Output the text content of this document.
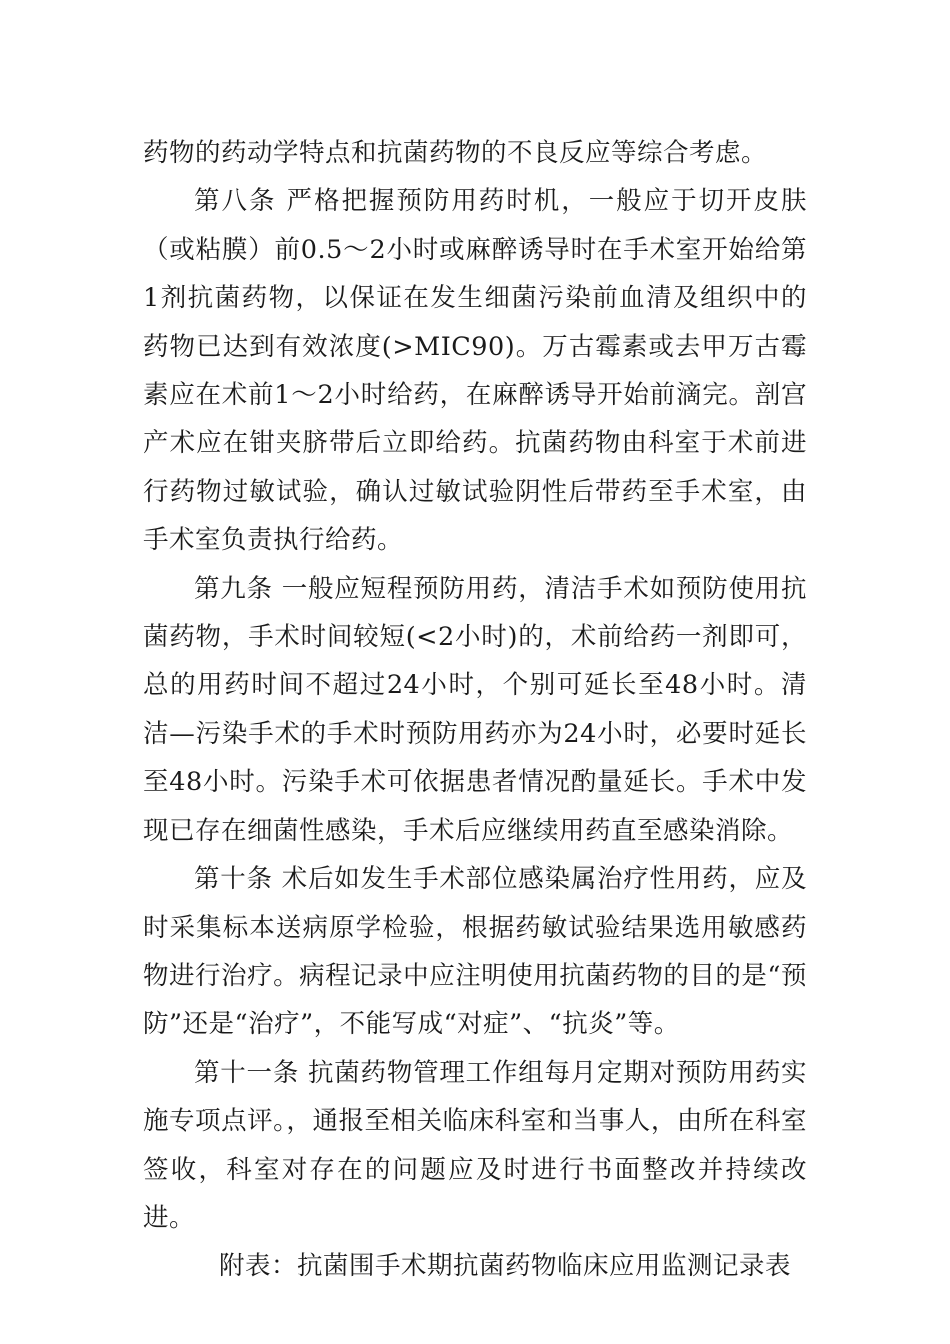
药物的药动学特点和抗菌药物的不良反应等综合考虑。

第八条 严格把握预防用药时机，一般应于切开皮肤（或粘膜）前0.5～2小时或麻醉诱导时在手术室开始给第1剂抗菌药物，以保证在发生细菌污染前血清及组织中的药物已达到有效浓度(>MIC90)。万古霉素或去甲万古霉素应在术前1～2小时给药，在麻醉诱导开始前滴完。剖宫产术应在钳夹脐带后立即给药。抗菌药物由科室于术前进行药物过敏试验，确认过敏试验阴性后带药至手术室，由手术室负责执行给药。

第九条 一般应短程预防用药，清洁手术如预防使用抗菌药物，手术时间较短(<2小时)的，术前给药一剂即可，总的用药时间不超过24小时，个别可延长至48小时。清洁—污染手术的手术时预防用药亦为24小时，必要时延长至48小时。污染手术可依据患者情况酌量延长。手术中发现已存在细菌性感染，手术后应继续用药直至感染消除。

第十条 术后如发生手术部位感染属治疗性用药，应及时采集标本送病原学检验，根据药敏试验结果选用敏感药物进行治疗。病程记录中应注明使用抗菌药物的目的是“预防”还是“治疗”，不能写成“对症”、“抗炎”等。

第十一条 抗菌药物管理工作组每月定期对预防用药实施专项点评。，通报至相关临床科室和当事人，由所在科室签收，科室对存在的问题应及时进行书面整改并持续改进。

附表：抗菌围手术期抗菌药物临床应用监测记录表
